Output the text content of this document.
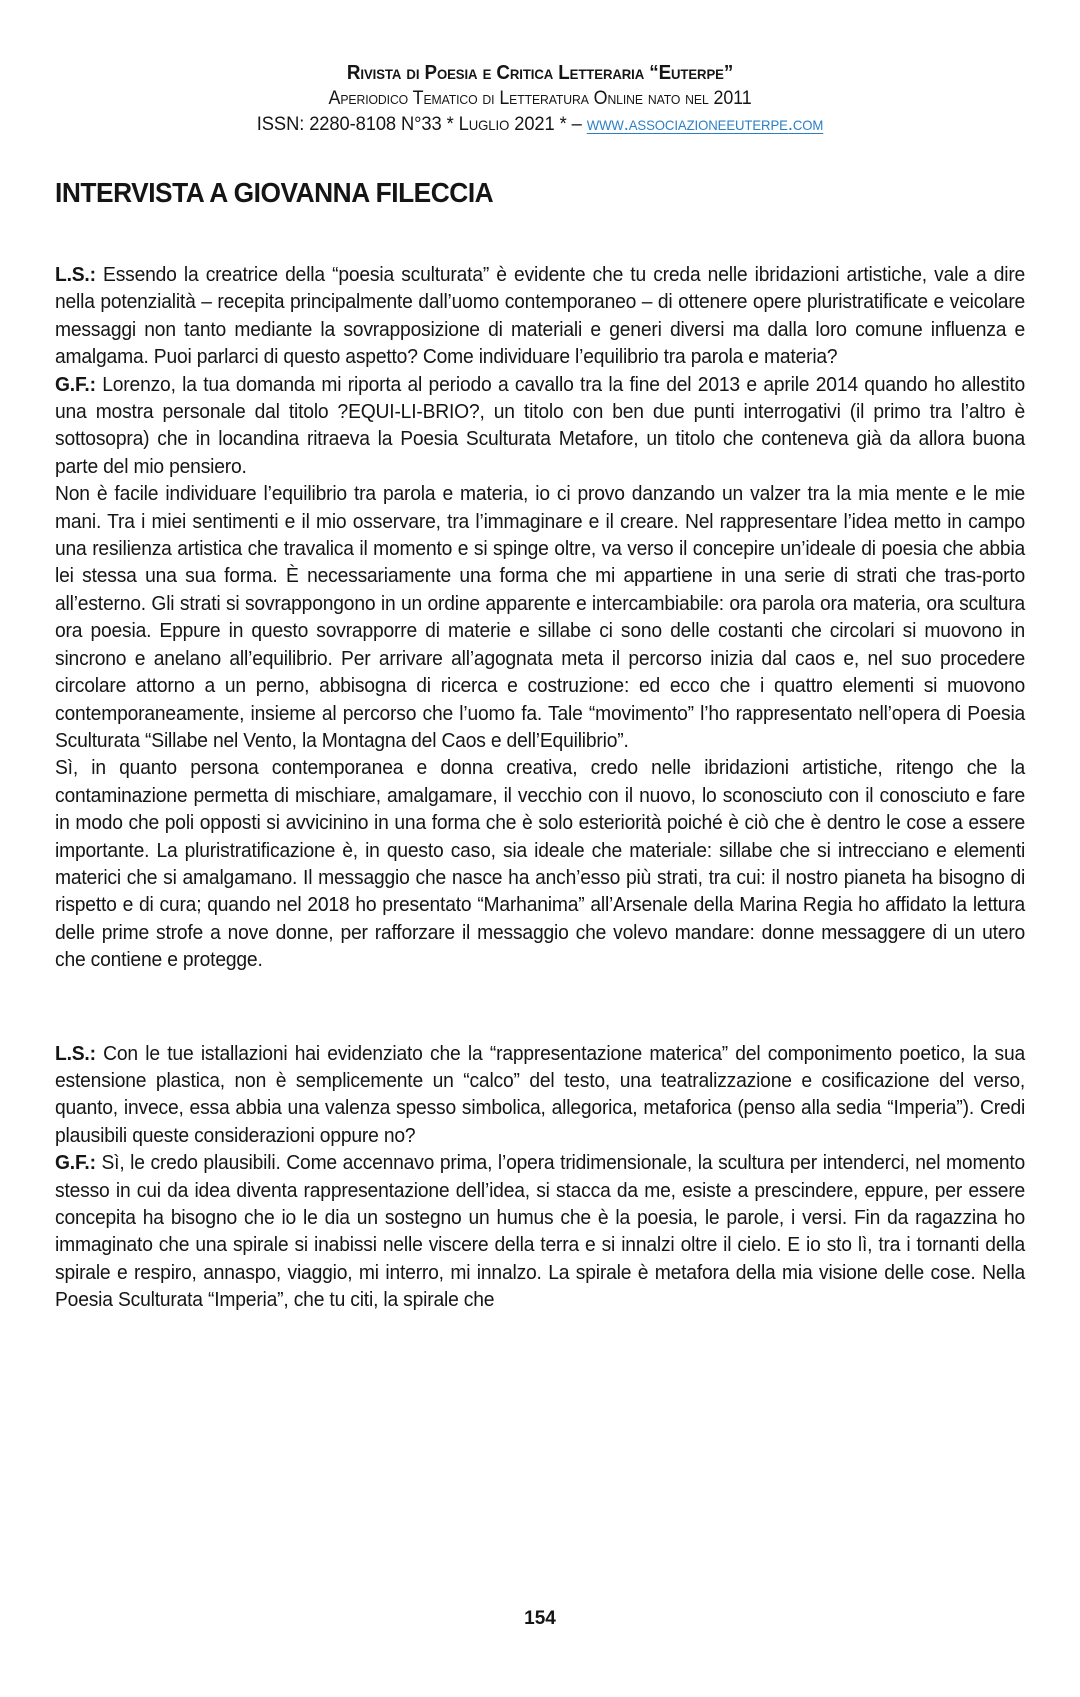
Rivista di Poesia e Critica Letteraria “Euterpe”
Aperiodico Tematico di Letteratura Online nato nel 2011
ISSN: 2280-8108 N°33 * Luglio 2021 * – www.associazioneeuterpe.com
INTERVISTA A GIOVANNA FILECCIA

L.S.: Essendo la creatrice della “poesia sculturata” è evidente che tu creda nelle ibridazioni artistiche, vale a dire nella potenzialità – recepita principalmente dall’uomo contemporaneo – di ottenere opere pluristratificate e veicolare messaggi non tanto mediante la sovrapposizione di materiali e generi diversi ma dalla loro comune influenza e amalgama. Puoi parlarci di questo aspetto? Come individuare l’equilibrio tra parola e materia?

G.F.: Lorenzo, la tua domanda mi riporta al periodo a cavallo tra la fine del 2013 e aprile 2014 quando ho allestito una mostra personale dal titolo ?EQUI-LI-BRIO?, un titolo con ben due punti interrogativi (il primo tra l’altro è sottosopra) che in locandina ritraeva la Poesia Sculturata Metafore, un titolo che conteneva già da allora buona parte del mio pensiero.

Non è facile individuare l’equilibrio tra parola e materia, io ci provo danzando un valzer tra la mia mente e le mie mani. Tra i miei sentimenti e il mio osservare, tra l’immaginare e il creare. Nel rappresentare l’idea metto in campo una resilienza artistica che travalica il momento e si spinge oltre, va verso il concepire un’ideale di poesia che abbia lei stessa una sua forma. È necessariamente una forma che mi appartiene in una serie di strati che tras-porto all’esterno. Gli strati si sovrappongono in un ordine apparente e intercambiabile: ora parola ora materia, ora scultura ora poesia. Eppure in questo sovrapporre di materie e sillabe ci sono delle costanti che circolari si muovono in sincrono e anelano all’equilibrio. Per arrivare all’agognata meta il percorso inizia dal caos e, nel suo procedere circolare attorno a un perno, abbisogna di ricerca e costruzione: ed ecco che i quattro elementi si muovono contemporaneamente, insieme al percorso che l’uomo fa. Tale “movimento” l’ho rappresentato nell’opera di Poesia Sculturata “Sillabe nel Vento, la Montagna del Caos e dell’Equilibrio”.

Sì, in quanto persona contemporanea e donna creativa, credo nelle ibridazioni artistiche, ritengo che la contaminazione permetta di mischiare, amalgamare, il vecchio con il nuovo, lo sconosciuto con il conosciuto e fare in modo che poli opposti si avvicinino in una forma che è solo esteriorità poiché è ciò che è dentro le cose a essere importante. La pluristratificazione è, in questo caso, sia ideale che materiale: sillabe che si intrecciano e elementi materici che si amalgamano. Il messaggio che nasce ha anch’esso più strati, tra cui: il nostro pianeta ha bisogno di rispetto e di cura; quando nel 2018 ho presentato “Marhanima” all’Arsenale della Marina Regia ho affidato la lettura delle prime strofe a nove donne, per rafforzare il messaggio che volevo mandare: donne messaggere di un utero che contiene e protegge.

L.S.: Con le tue istallazioni hai evidenziato che la “rappresentazione materica” del componimento poetico, la sua estensione plastica, non è semplicemente un “calco” del testo, una teatralizzazione e cosificazione del verso, quanto, invece, essa abbia una valenza spesso simbolica, allegorica, metaforica (penso alla sedia “Imperia”). Credi plausibili queste considerazioni oppure no?

G.F.: Sì, le credo plausibili. Come accennavo prima, l’opera tridimensionale, la scultura per intenderci, nel momento stesso in cui da idea diventa rappresentazione dell’idea, si stacca da me, esiste a prescindere, eppure, per essere concepita ha bisogno che io le dia un sostegno un humus che è la poesia, le parole, i versi. Fin da ragazzina ho immaginato che una spirale si inabissi nelle viscere della terra e si innalzi oltre il cielo. E io sto lì, tra i tornanti della spirale e respiro, annaspo, viaggio, mi interro, mi innalzo. La spirale è metafora della mia visione delle cose. Nella Poesia Sculturata “Imperia”, che tu citi, la spirale che

154
